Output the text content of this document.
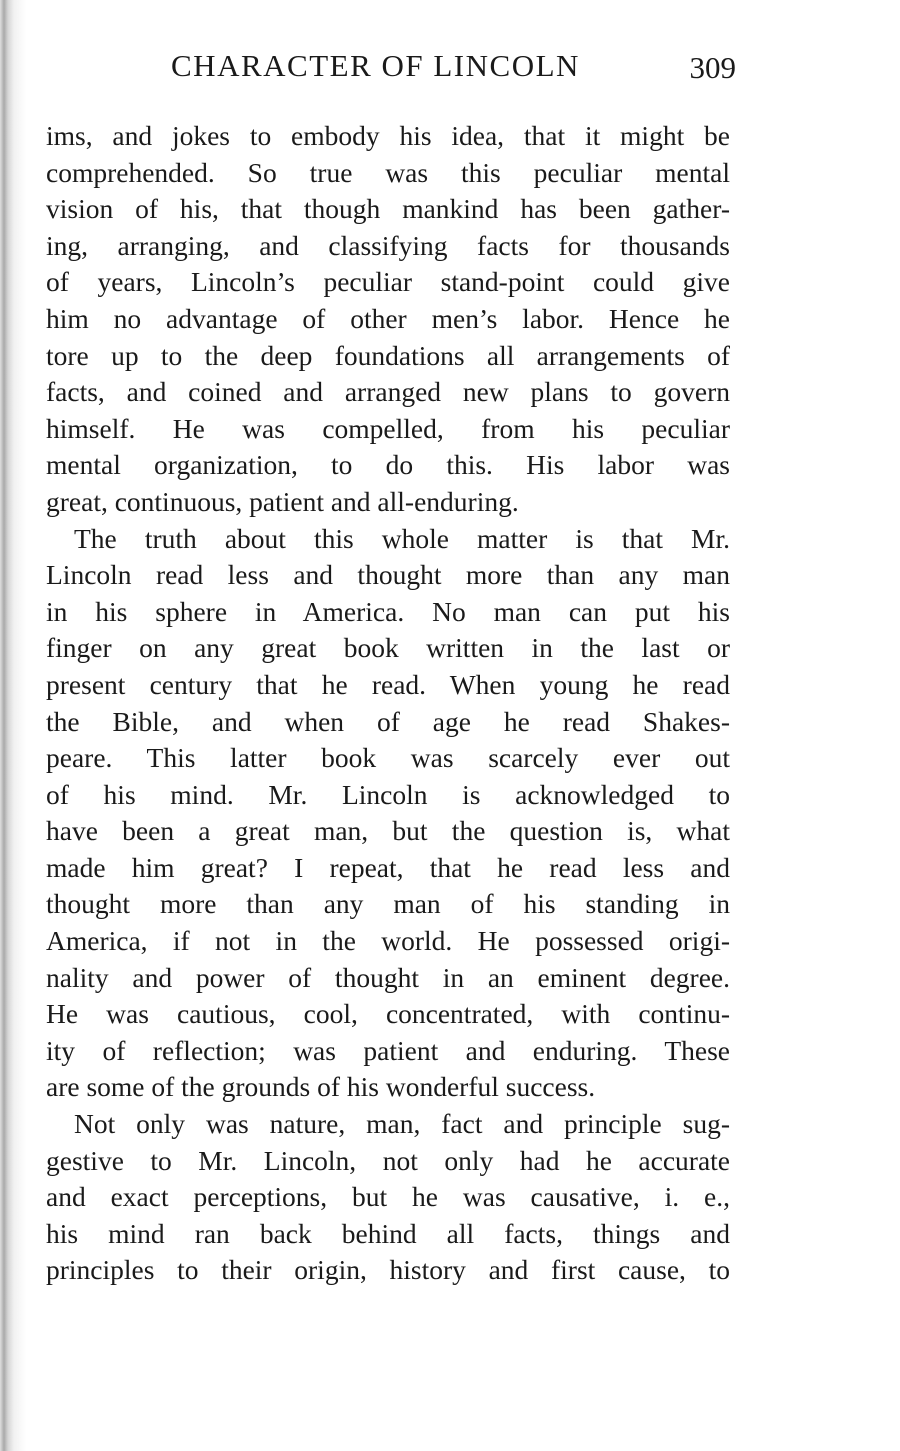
CHARACTER OF LINCOLN	309
ims, and jokes to embody his idea, that it might be
comprehended. So true was this peculiar mental
vision of his, that though mankind has been gather-
ing, arranging, and classifying facts for thousands
of years, Lincoln’s peculiar stand-point could give
him no advantage of other men’s labor. Hence he
tore up to the deep foundations all arrangements of
facts, and coined and arranged new plans to govern
himself. He was compelled, from his peculiar
mental organization, to do this. His labor was
great, continuous, patient and all-enduring.
The truth about this whole matter is that Mr.
Lincoln read less and thought more than any man
in his sphere in America. No man can put his
finger on any great book written in the last or
present century that he read. When young he read
the Bible, and when of age he read Shakes-
peare. This latter book was scarcely ever out
of his mind. Mr. Lincoln is acknowledged to
have been a great man, but the question is, what
made him great? I repeat, that he read less and
thought more than any man of his standing in
America, if not in the world. He possessed origi-
nality and power of thought in an eminent degree.
He was cautious, cool, concentrated, with continu-
ity of reflection; was patient and enduring. These
are some of the grounds of his wonderful success.
Not only was nature, man, fact and principle sug-
gestive to Mr. Lincoln, not only had he accurate
and exact perceptions, but he was causative, i. e.,
his mind ran back behind all facts, things and
principles to their origin, history and first cause, to
